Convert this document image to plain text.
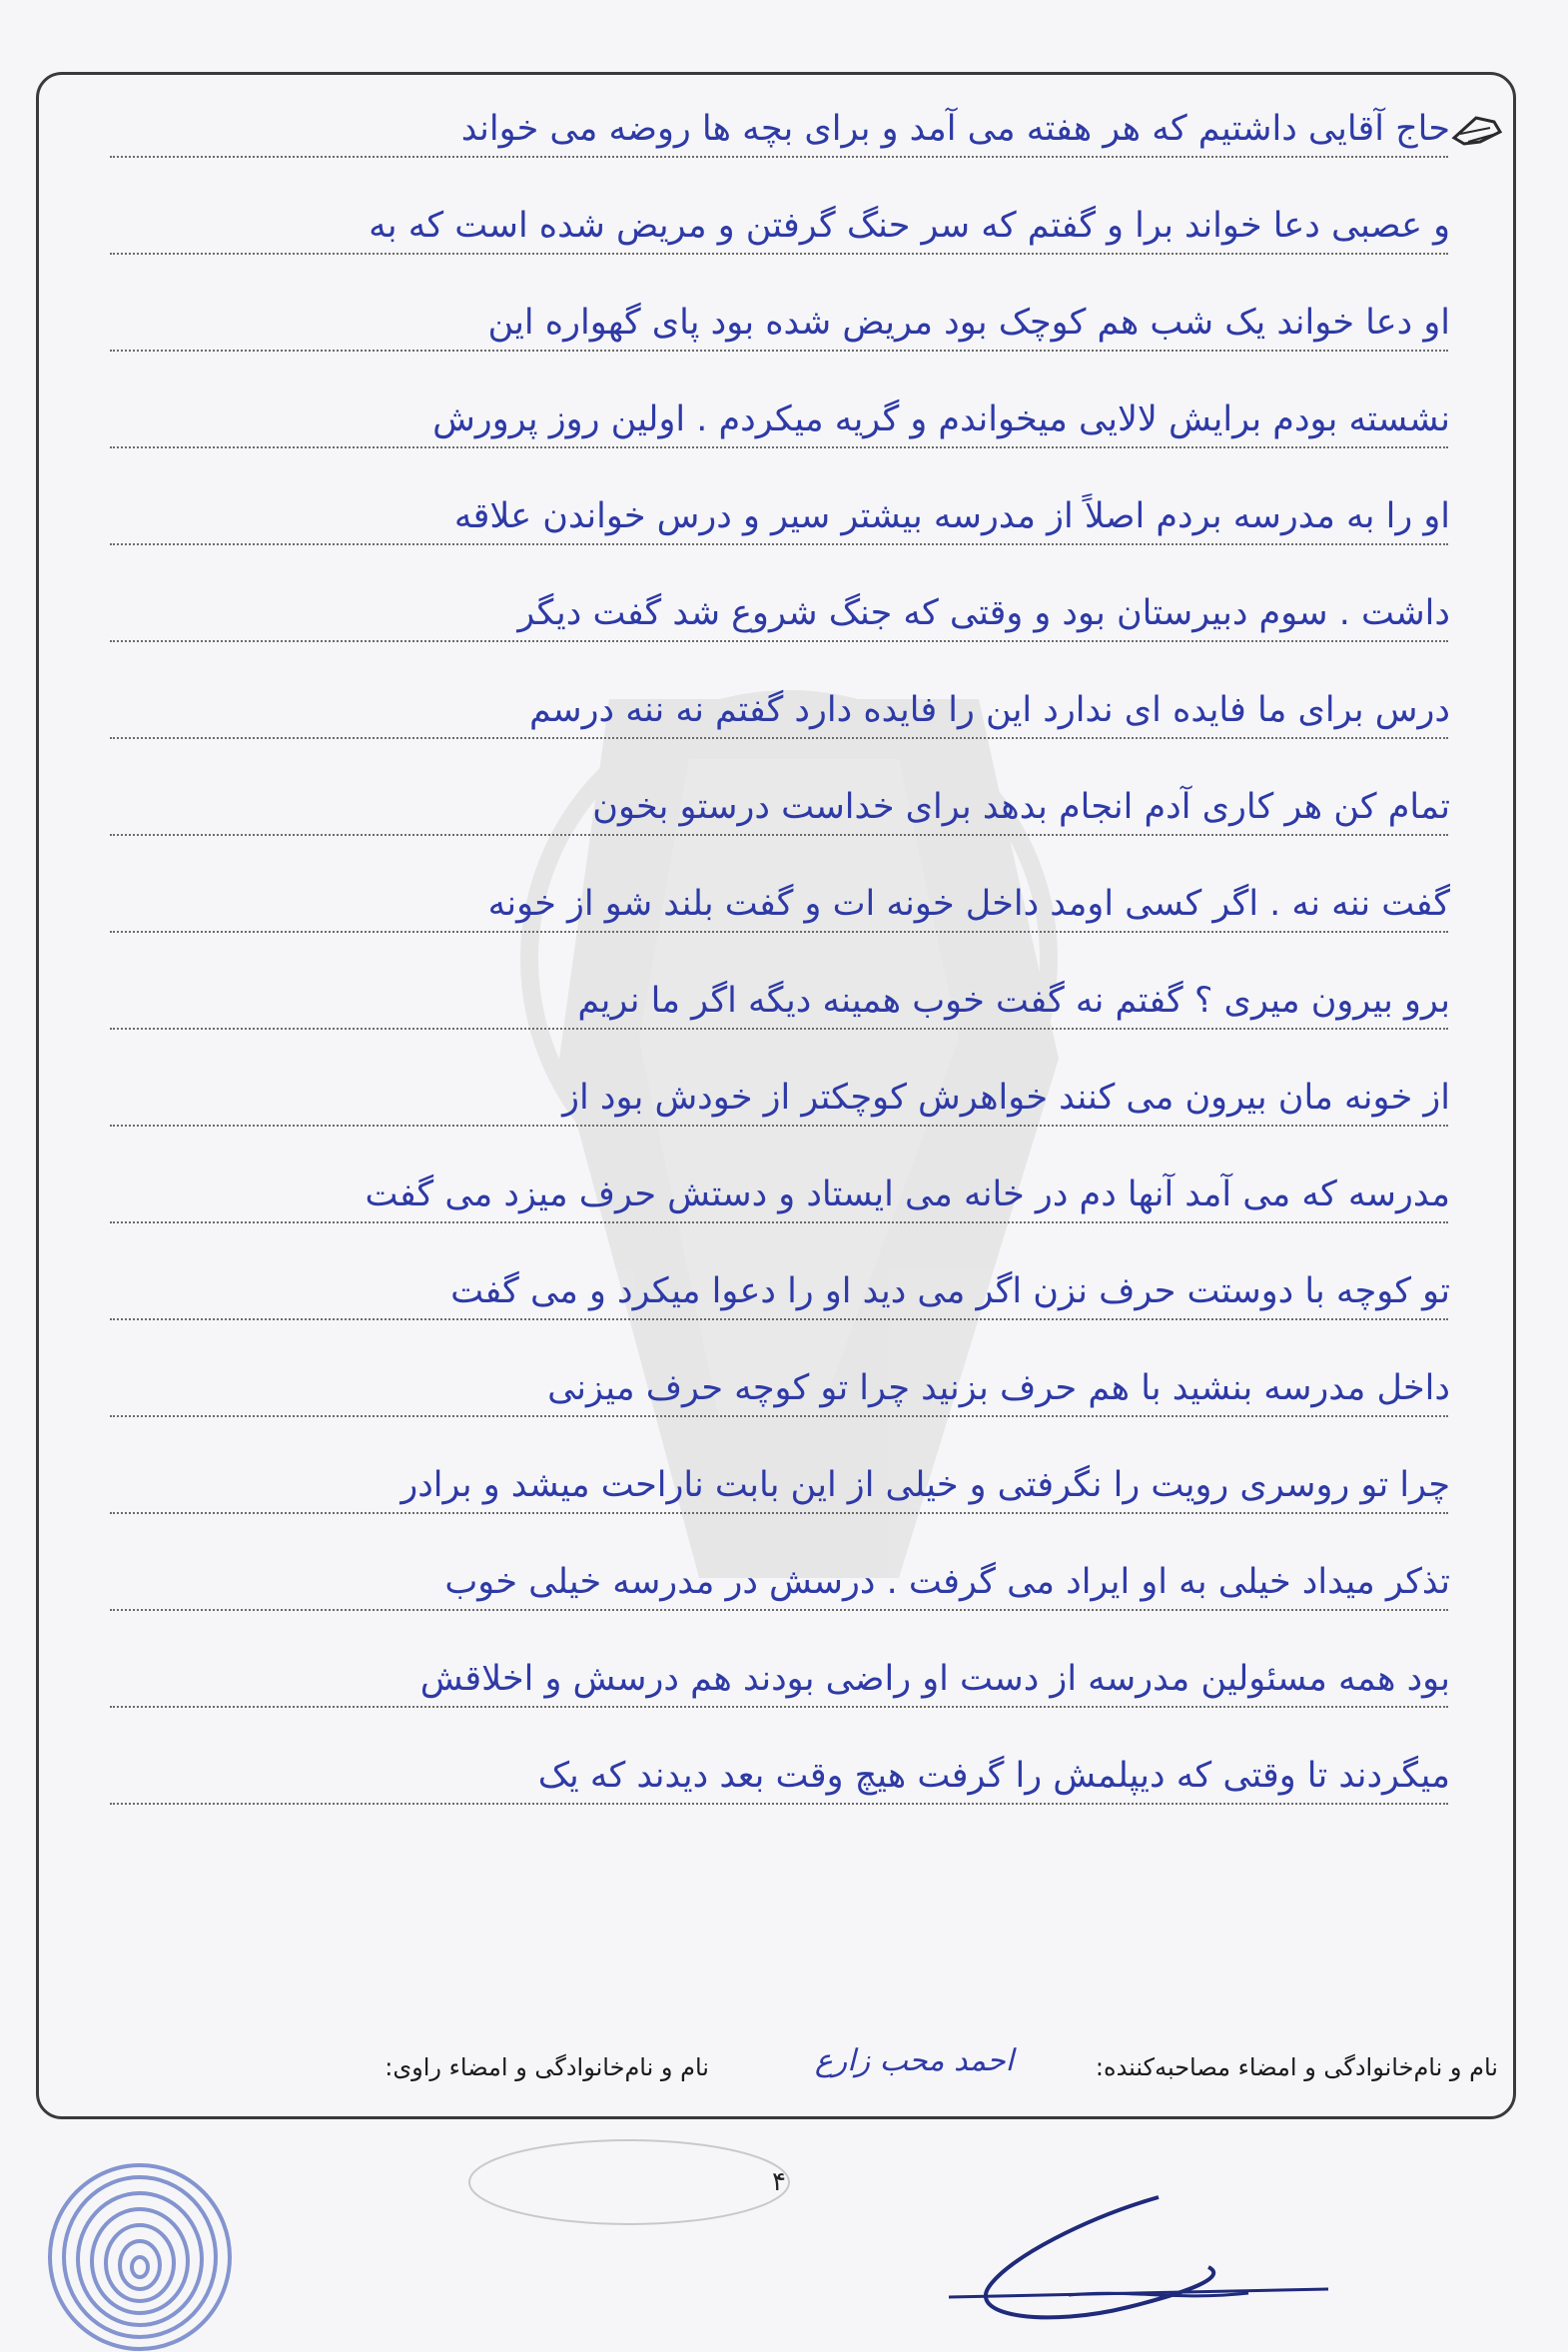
حاج آقایی داشتیم که هر هفته می آمد و برای بچه ها روضه می خواند
و عصبی دعا خواند برا و گفتم که سر حنگ گرفتن و مریض شده است که به
او دعا خواند یک شب هم کوچک بود مریض شده بود پای گهواره این
نشسته بودم برایش لالایی میخواندم و گریه میکردم . اولین روز پرورش
او را به مدرسه بردم اصلاً از مدرسه بیشتر سیر و درس خواندن علاقه
داشت . سوم دبیرستان بود و وقتی که جنگ شروع شد گفت دیگر
درس برای ما فایده ای ندارد این را فایده دارد گفتم نه ننه درسم
تمام کن هر کاری آدم انجام بدهد برای خداست درستو بخون
گفت ننه نه . اگر کسی اومد داخل خونه ات و گفت بلند شو از خونه
برو بیرون میری ؟ گفتم نه گفت خوب همینه دیگه اگر ما نریم
از خونه مان بیرون می کنند خواهرش کوچکتر از خودش بود از
مدرسه که می آمد آنها دم در خانه می ایستاد و دستش حرف میزد می گفت
تو کوچه با دوستت حرف نزن اگر می دید او را دعوا میکرد و می گفت
داخل مدرسه بنشید با هم حرف بزنید چرا تو کوچه حرف میزنی
چرا تو روسری رویت را نگرفتی و خیلی از این بابت ناراحت میشد و برادر
تذکر میداد خیلی به او ایراد می گرفت . درسش در مدرسه خیلی خوب
بود همه مسئولین مدرسه از دست او راضی بودند هم درسش و اخلاقش
میگردند تا وقتی که دیپلمش را گرفت هیچ وقت بعد دیدند که یک
نام و نام‌خانوادگی و امضاء مصاحبه‌کننده:
احمد محب زارع
نام و نام‌خانوادگی و امضاء راوی:
۴
